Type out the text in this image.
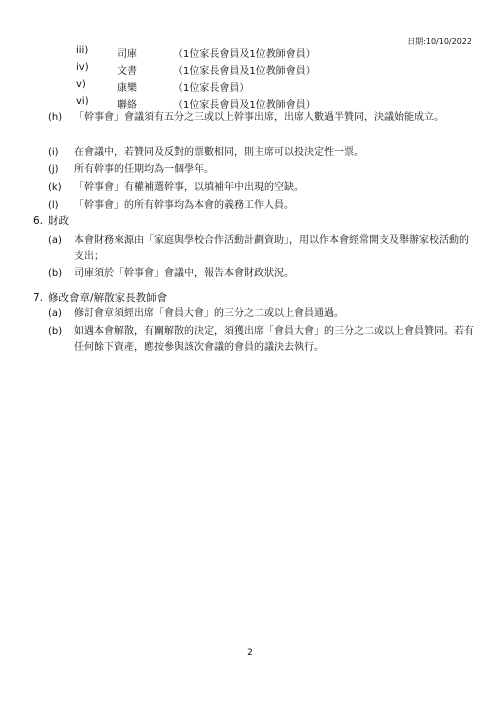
日期:10/10/2022
iii)	司庫	（1位家長會員及1位教師會員）
iv)	文書	（1位家長會員及1位教師會員）
v)	康樂	（1位家長會員）
vi)	聯絡	（1位家長會員及1位教師會員）
(h) 「幹事會」會議須有五分之三或以上幹事出席，出席人數過半贊同，決議始能成立。
(i) 在會議中，若贊同及反對的票數相同，則主席可以投決定性一票。
(j) 所有幹事的任期均為一個學年。
(k) 「幹事會」有權補選幹事，以填補年中出現的空缺。
(l) 「幹事會」的所有幹事均為本會的義務工作人員。
6. 財政
(a) 本會財務來源由「家庭與學校合作活動計劃資助」，用以作本會經常開支及舉辦家校活動的支出；
(b) 司庫須於「幹事會」會議中，報告本會財政狀況。
7. 修改會章/解散家長教師會
(a) 修訂會章須經出席「會員大會」的三分之二或以上會員通過。
(b) 如遇本會解散，有關解散的決定，須獲出席「會員大會」的三分之二或以上會員贊同。若有任何餘下資產，應按參與該次會議的會員的議決去執行。
2
